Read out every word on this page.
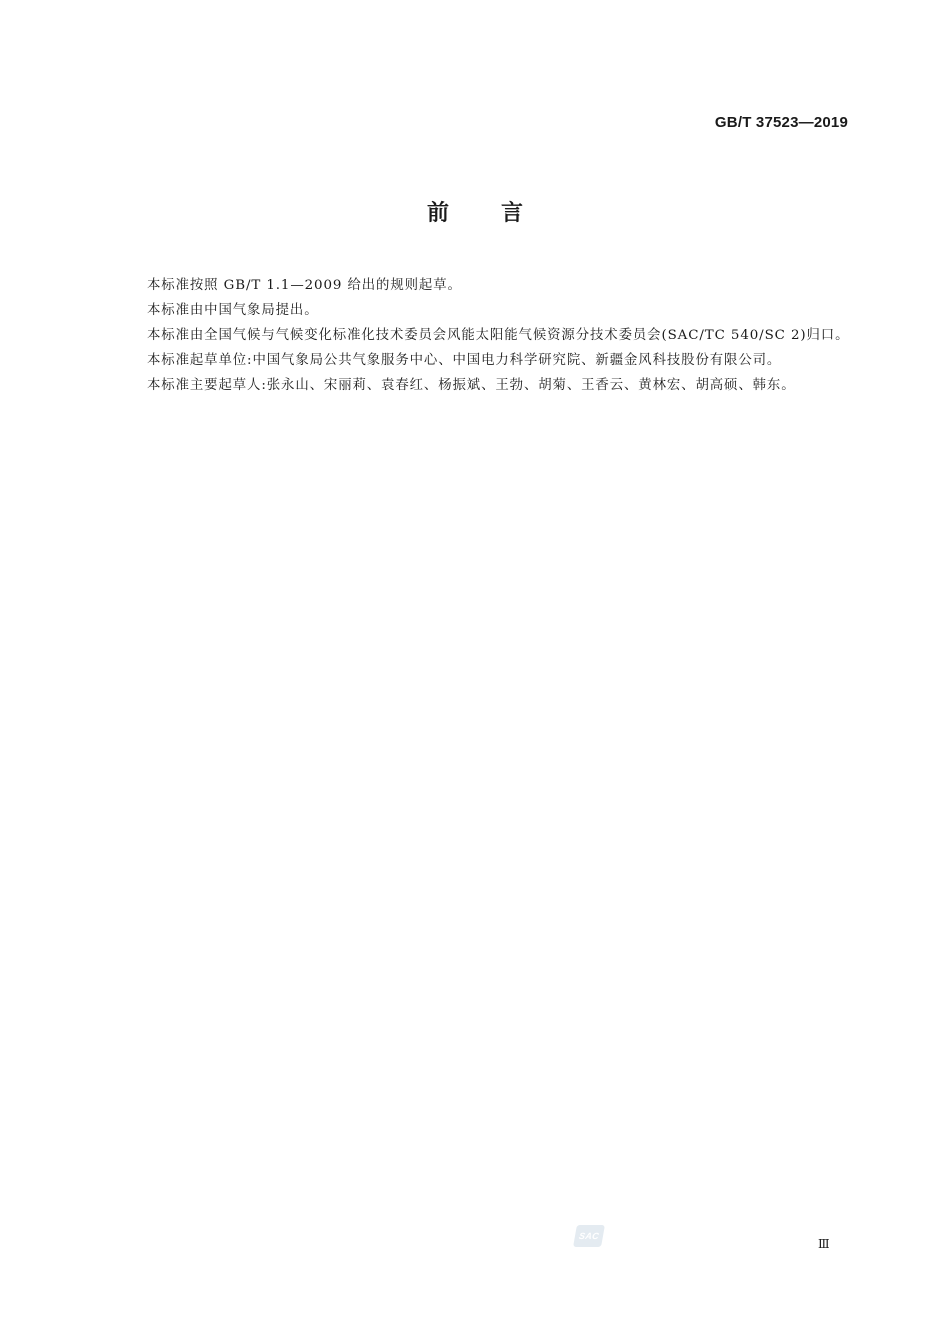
GB/T 37523—2019
前言

本标准按照 GB/T 1.1—2009 给出的规则起草。

本标准由中国气象局提出。

本标准由全国气候与气候变化标准化技术委员会风能太阳能气候资源分技术委员会(SAC/TC 540/SC 2)归口。

本标准起草单位:中国气象局公共气象服务中心、中国电力科学研究院、新疆金风科技股份有限公司。

本标准主要起草人:张永山、宋丽莉、袁春红、杨振斌、王勃、胡菊、王香云、黄林宏、胡高硕、韩东。

SAC
Ⅲ
